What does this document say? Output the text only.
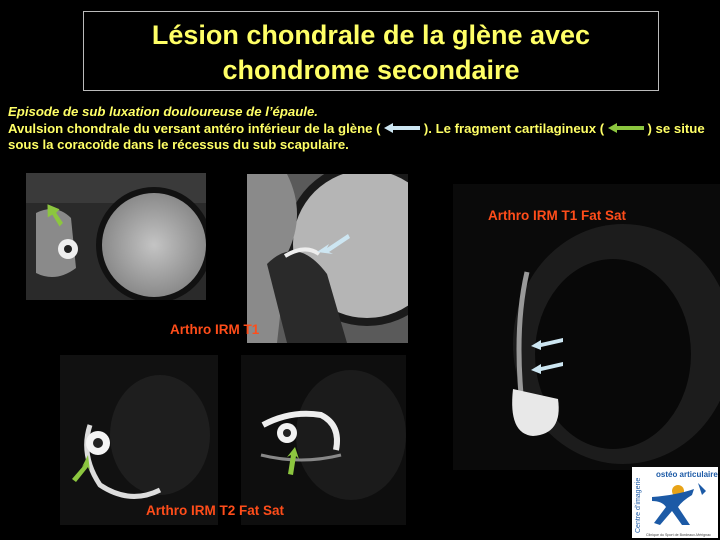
Lésion chondrale de la glène avec
chondrome secondaire
Episode de sub luxation douloureuse de l’épaule.
Avulsion chondrale du versant antéro inférieur de la glène (	). Le fragment cartilagineux (	) se situe sous la coracoïde dans le récessus du sub scapulaire.
Arthro IRM T1
Arthro IRM T1 Fat Sat
Arthro IRM T2 Fat Sat
ostéo articulaire
Centre d’imagerie
Clinique du Sport de Bordeaux-Mérignac
